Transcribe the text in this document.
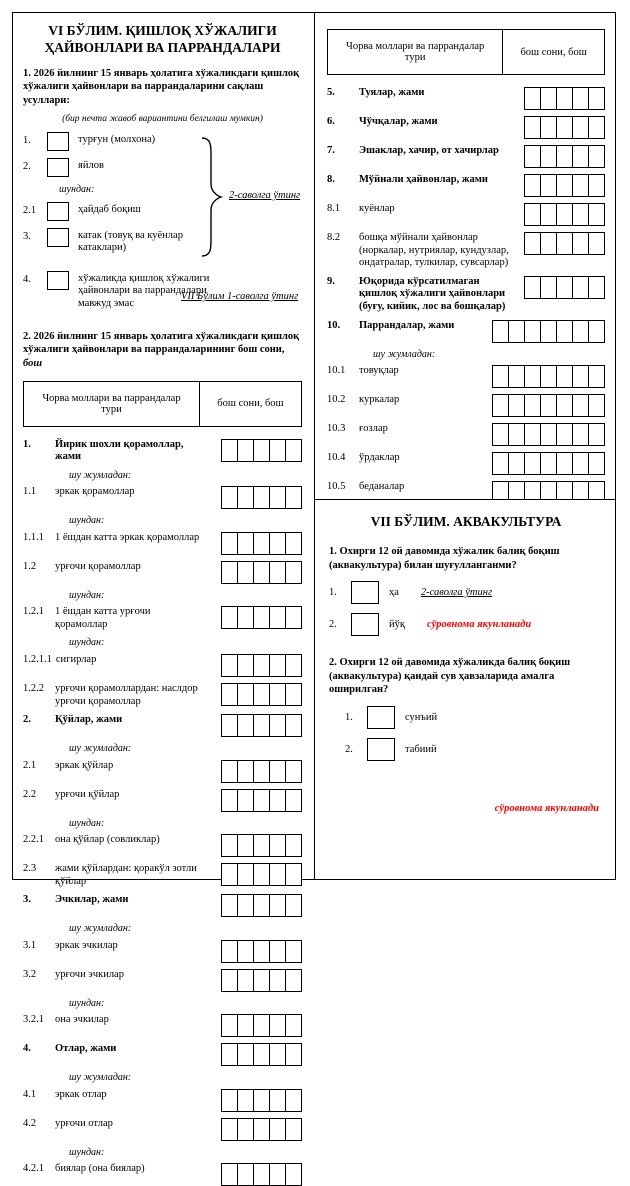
VI БЎЛИМ. ҚИШЛОҚ ХЎЖАЛИГИ
ҲАЙВОНЛАРИ ВА ПАРРАНДАЛАРИ
1. 2026 йилнинг 15 январь ҳолатига хўжаликдаги қишлоқ хўжалиги ҳайвонлари ва паррандаларини сақлаш усуллари:
(бир нечта жавоб вариантини белгилаш мумкин)
1.	турғун (молхона)
2.	яйлов
шундан:
2.1	ҳайдаб боқиш
3.	катак (товуқ ва куёнлар катаклари)
2-саволга ўтинг
4.	хўжаликда қишлоқ хўжалиги ҳайвонлари ва паррандалари мавжуд эмас
VII Бўлим 1-саволга ўтинг
2. 2026 йилнинг 15 январь ҳолатига хўжаликдаги қишлоқ хўжалиги ҳайвонлари ва паррандаларининг бош сони, бош
Чорва моллари ва паррандалар тури	бош сони, бош
1.	Йирик шохли қорамоллар, жами
шу жумладан:
1.1	эркак қорамоллар
шундан:
1.1.1	1 ёшдан катта эркак қорамоллар
1.2	урғочи қорамоллар
шундан:
1.2.1	1 ёшдан катта урғочи қорамоллар
шундан:
1.2.1.1 сигирлар
1.2.2	урғочи қорамоллардан: наслдор урғочи қорамоллар
2.	Қўйлар, жами
шу жумладан:
2.1	эркак қўйлар
2.2	урғочи қўйлар
шундан:
2.2.1	она қўйлар (совликлар)
2.3	жами қўйлардан: қоракўл зотли қўйлар
3.	Эчкилар, жами
шу жумладан:
3.1	эркак эчкилар
3.2	урғочи эчкилар
шундан:
3.2.1	она эчкилар
4.	Отлар, жами
шу жумладан:
4.1	эркак отлар
4.2	урғочи отлар
шундан:
4.2.1	биялар (она биялар)
Чорва моллари ва паррандалар тури	бош сони, бош
5.	Туялар, жами
6.	Чўчқалар, жами
7.	Эшаклар, хачир, от хачирлар
8.	Мўйнали ҳайвонлар, жами
8.1	куёнлар
8.2	бошқа мўйнали ҳайвонлар (норкалар, нутриялар, кундузлар, ондатралар, тулкилар, сувсарлар)
9.	Юқорида кўрсатилмаган қишлоқ хўжалиги ҳайвонлари (буғу, кийик, лос ва бошқалар)
10.	Паррандалар, жами
шу жумладан:
10.1	товуқлар
10.2	куркалар
10.3	ғозлар
10.4	ўрдаклар
10.5	беданалар
VII БЎЛИМ. АКВАКУЛЬТУРА
1. Охирги 12 ой давомида хўжалик балиқ боқиш (аквакультура) билан шуғулланганми?
1.	ҳа 2-саволга ўтинг
2.	йўқ сўровнома якунланади
2. Охирги 12 ой давомида хўжаликда балиқ боқиш (аквакультура) қандай сув ҳавзаларида амалга оширилган?
1.	сунъий
2.	табиий
сўровнома якунланади
